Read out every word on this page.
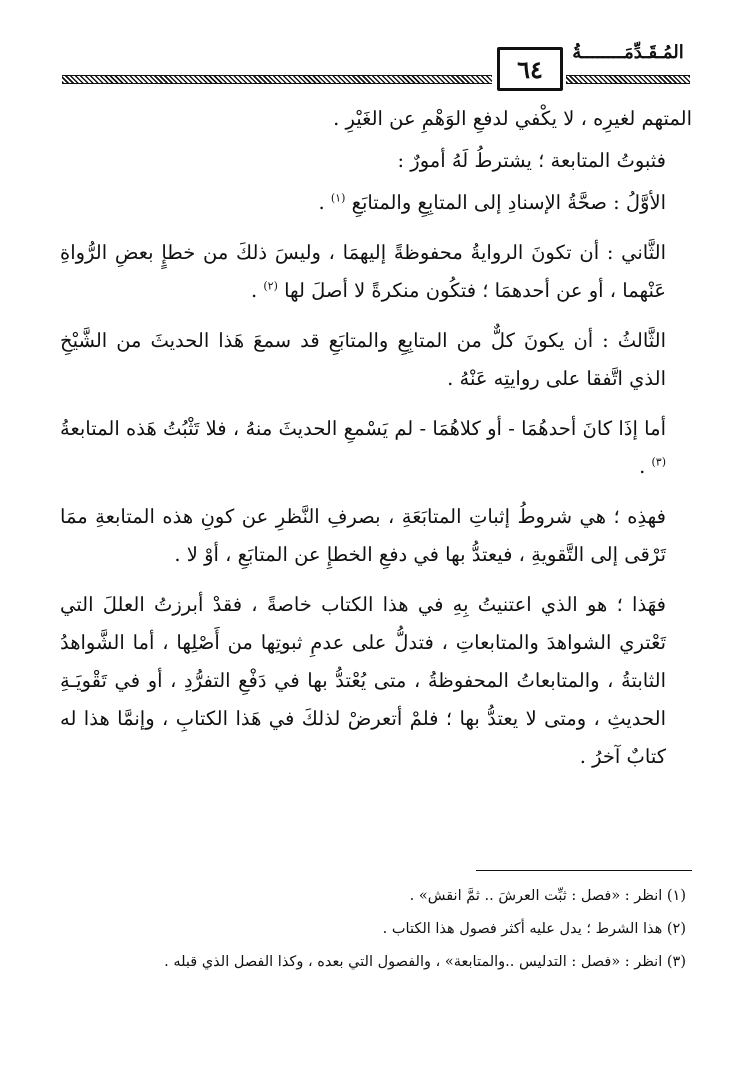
المُـقَـدِّمَــــــــةُ
٦٤

المتهم لغيرِه ، لا يكْفي لدفعِ الوَهْمِ عن الغَيْرِ .

فثبوتُ المتابعة ؛ يشترطُ لَهُ أمورٌ :

الأوَّلُ : صحَّةُ الإسنادِ إلى المتابِعِ والمتابَعِ $^{(١)}$ .

الثَّاني : أن تكونَ الروايةُ محفوظةً إليهمَا ، وليسَ ذلكَ من خطإٍ بعضِ الرُّواةِ عَنْهما ، أو عن أحدهمَا ؛ فتكُون منكرةً لا أصلَ لها $^{(٢)}$ .

الثَّالثُ : أن يكونَ كلٌّ من المتابِعِ والمتابَعِ قد سمعَ هَذا الحديثَ من الشَّيْخِ الذي اتَّفقا على روايتِه عَنْهُ .

أما إذَا كانَ أحدهُمَا - أو كلاهُمَا - لم يَسْمعِ الحديثَ منهُ ، فلا تَثْبُتُ هَذه المتابعةُ $^{(٣)}$ .

فهذِه ؛ هي شروطُ إثباتِ المتابَعَةِ ، بصرفِ النَّظرِ عن كونِ هذه المتابعةِ ممَا تَرْقى إلى التَّقويةِ ، فيعتدُّ بها في دفعِ الخطإِ عن المتابَعِ ، أوْ لا .

فهَذا ؛ هو الذي اعتنيتُ بِهِ في هذا الكتاب خاصةً ، فقدْ أبرزتُ العللَ التي تَعْتري الشواهدَ والمتابعاتِ ، فتدلُّ على عدمِ ثبوتِها من أَصْلِها ، أما الشَّواهدُ الثابتةُ ، والمتابعاتُ المحفوظةُ ، متى يُعْتدُّ بها في دَفْعِ التفرُّدِ ، أو في تَقْويَـةِ الحديثِ ، ومتى لا يعتدُّ بها ؛ فلمْ أتعرضْ لذلكَ في هَذا الكتابِ ، وإنمَّا هذا له كتابٌ آخرُ .

(١) انظر : «فصل : ثبِّت العرشَ .. ثمَّ انقش» .

(٢) هذا الشرط ؛ يدل عليه أكثر فصول هذا الكتاب .

(٣) انظر : «فصل : التدليس ..والمتابعة» ، والفصول التي بعده ، وكذا الفصل الذي قبله .
